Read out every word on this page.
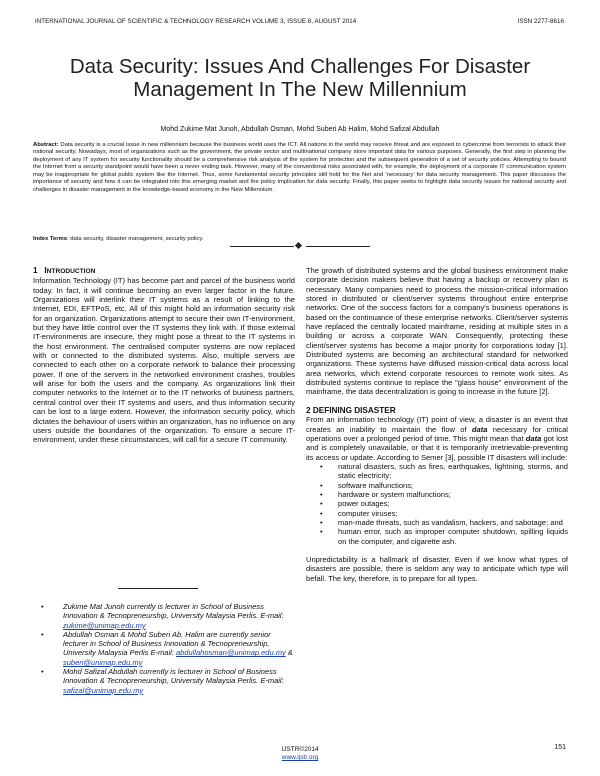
INTERNATIONAL JOURNAL OF SCIENTIFIC & TECHNOLOGY RESEARCH VOLUME 3, ISSUE 8, AUGUST 2014	ISSN 2277-8616
Data Security: Issues And Challenges For Disaster
Management In The New Millennium
Mohd Zukime Mat Junoh, Abdullah Osman, Mohd Suberi Ab Halim, Mohd Safizal Abdullah
Abstract: Data security is a crucial issue in new millennium because the business world uses the ICT. All nations in the world may receive threat and are exposed to cybercrime from terrorists to attack their national security. Nowadays, most of organizations such as the government, the private sector and multinational company store important data for various purposes. Generally, the first step in planning the deployment of any IT system for security functionality should be a comprehensive risk analysis of the system for protection and the subsequent generation of a set of security policies. Attempting to bound the Internet from a security standpoint would have been a never ending task. However, many of the conventional risks associated with, for example, the deployment of a corporate IT communication system may be inappropriate for global public system like the Internet. Thus, some fundamental security principles still hold for the Net and ‘necessary’ for data security management. This paper discusses the importance of security and how it can be integrated into this emerging market and the policy implication for data security. Finally, this paper seeks to highlight data security issues for national security and challenges in disaster management in the knowledge-based economy in the New Millennium.
Index Terms: data security, disaster management, security policy.
1 INTRODUCTION

Information Technology (IT) has become part and parcel of the business world today. In fact, it will continue becoming an even larger factor in the future. Organizations will interlink their IT systems as a result of linking to the Internet, EDI, EFTPoS, etc. All of this might hold an information security risk for an organization. Organizations attempt to secure their own IT-environment, but they have little control over the IT systems they link with. If those external IT-environments are insecure, they might pose a threat to the IT systems in the host environment. The centralised computer systems are now replaced with or connected to the distributed systems. Also, multiple servers are connected to each other on a corporate network to balance their processing power. If one of the servers in the networked environment crashes, troubles will arise for both the users and the company. As organizations link their computer networks to the Internet or to the IT networks of business partners, central control over their IT systems and users, and thus information security can be lost to a large extent. However, the information security policy, which dictates the behaviour of users within an organization, has no influence on any users outside the boundaries of the organization. To ensure a secure IT-environment, under these circumstances, will call for a secure IT community.

• Zukime Mat Junoh currently is lecturer in School of Business Innovation & Tecnopreneurship, University Malaysia Perlis. E-mail: zukime@unimap.edu.my
• Abdullah Osman & Mohd Suberi Ab. Halim are currently senior lecturer in School of Business Innovation & Tecnopreneurship, University Malaysia Perlis E-mail: abdullahosman@unimap.edu.my & suberi@unimap.edu.my
• Mohd Safizal Abdullah currently is lecturer in School of Business Innovation & Tecnopreneurship, University Malaysia Perlis. E-mail: safizal@unimap.edu.my

The growth of distributed systems and the global business environment make corporate decision makers believe that having a backup or recovery plan is necessary. Many companies need to process the mission-critical information stored in distributed or client/server systems throughout entire enterprise networks. One of the success factors for a company's business operations is based on the continuance of these enterprise networks. Client/server systems have replaced the centrally located mainframe, residing at multiple sites in a building or across a corporate WAN. Consequently, protecting these client/server systems has become a major priority for corporations today [1]. Distributed systems are becoming an architectural standard for networked organizations. These systems have diffused mission-critical data across local area networks, which extend corporate resources to remote work sites. As distributed systems continue to replace the "glass house" environment of the mainframe, the data decentralization is going to increase in the future [2].

2 DEFINING DISASTER

From an information technology (IT) point of view, a disaster is an event that creates an inability to maintain the flow of data necessary for critical operations over a prolonged period of time. This might mean that data got lost and is completely unavailable, or that it is temporarily irretrievable-preventing its access or update. According to Semer [3], possible IT disasters will include:

• natural disasters, such as fires, earthquakes, lightning, storms, and static electricity;
• software malfunctions;
• hardware or system malfunctions;
• power outages;
• computer viruses;
• man-made threats, such as vandalism, hackers, and sabotage; and
• human error, such as improper computer shutdown, spilling liquids on the computer, and cigarette ash.

Unpredictability is a hallmark of disaster. Even if we know what types of disasters are possible, there is seldom any way to anticipate which type will befall. The key, therefore, is to prepare for all types.

151
IJSTR©2014
www.ijstr.org
